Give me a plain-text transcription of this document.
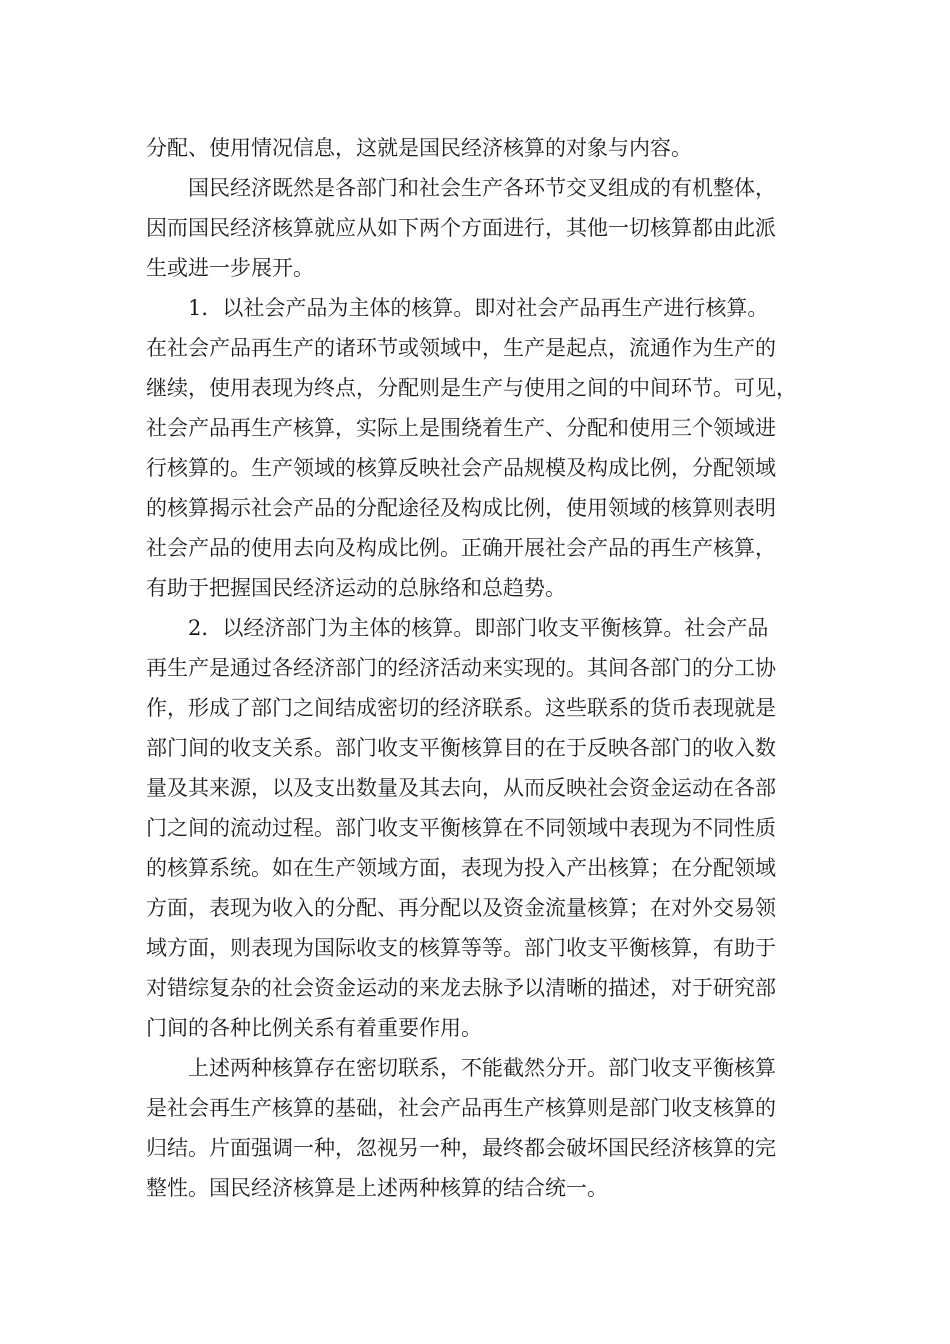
分配、使用情况信息，这就是国民经济核算的对象与内容。
国民经济既然是各部门和社会生产各环节交叉组成的有机整体，
因而国民经济核算就应从如下两个方面进行，其他一切核算都由此派
生或进一步展开。
1．以社会产品为主体的核算。即对社会产品再生产进行核算。
在社会产品再生产的诸环节或领域中，生产是起点，流通作为生产的
继续，使用表现为终点，分配则是生产与使用之间的中间环节。可见，
社会产品再生产核算，实际上是围绕着生产、分配和使用三个领域进
行核算的。生产领域的核算反映社会产品规模及构成比例，分配领域
的核算揭示社会产品的分配途径及构成比例，使用领域的核算则表明
社会产品的使用去向及构成比例。正确开展社会产品的再生产核算，
有助于把握国民经济运动的总脉络和总趋势。
2．以经济部门为主体的核算。即部门收支平衡核算。社会产品
再生产是通过各经济部门的经济活动来实现的。其间各部门的分工协
作，形成了部门之间结成密切的经济联系。这些联系的货币表现就是
部门间的收支关系。部门收支平衡核算目的在于反映各部门的收入数
量及其来源，以及支出数量及其去向，从而反映社会资金运动在各部
门之间的流动过程。部门收支平衡核算在不同领域中表现为不同性质
的核算系统。如在生产领域方面，表现为投入产出核算；在分配领域
方面，表现为收入的分配、再分配以及资金流量核算；在对外交易领
域方面，则表现为国际收支的核算等等。部门收支平衡核算，有助于
对错综复杂的社会资金运动的来龙去脉予以清晰的描述，对于研究部
门间的各种比例关系有着重要作用。
上述两种核算存在密切联系，不能截然分开。部门收支平衡核算
是社会再生产核算的基础，社会产品再生产核算则是部门收支核算的
归结。片面强调一种，忽视另一种，最终都会破坏国民经济核算的完
整性。国民经济核算是上述两种核算的结合统一。
